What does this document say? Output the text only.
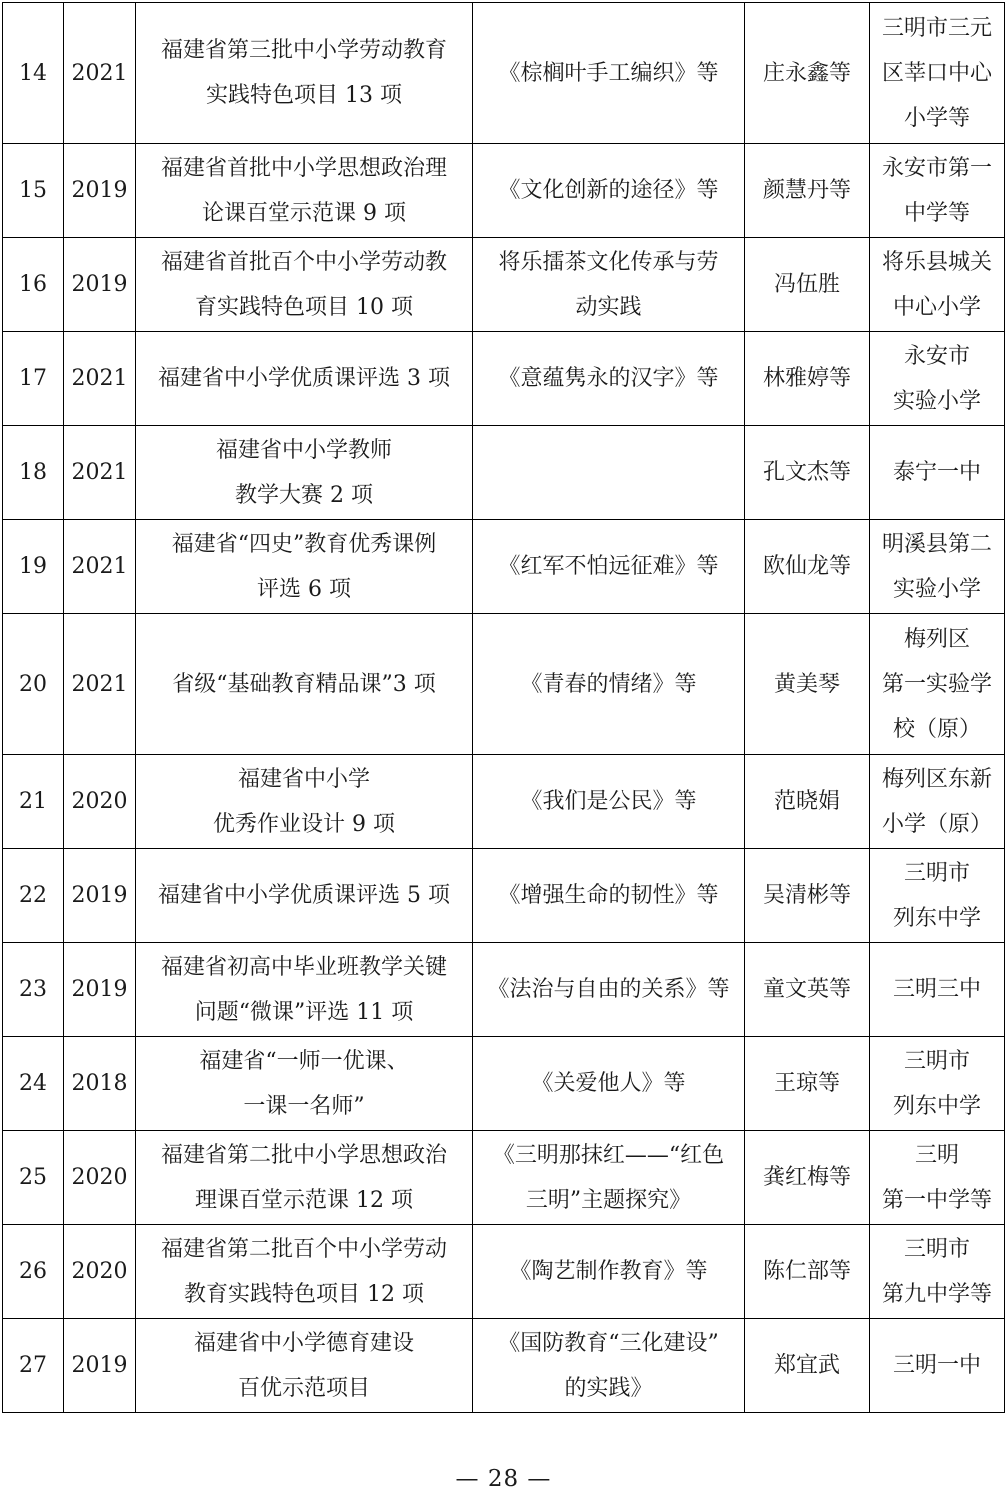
14	2021	福建省第三批中小学劳动教育
实践特色项目 13 项	《棕榈叶手工编织》等	庄永鑫等	三明市三元
区莘口中心
小学等

15	2019	福建省首批中小学思想政治理
论课百堂示范课 9 项	《文化创新的途径》等	颜慧丹等	永安市第一
中学等

16	2019	福建省首批百个中小学劳动教
育实践特色项目 10 项	将乐擂茶文化传承与劳
动实践	冯伍胜	将乐县城关
中心小学

17	2021	福建省中小学优质课评选 3 项	《意蕴隽永的汉字》等	林雅婷等	永安市
实验小学

18	2021	福建省中小学教师
教学大赛 2 项		孔文杰等	泰宁一中

19	2021	福建省“四史”教育优秀课例
评选 6 项	《红军不怕远征难》等	欧仙龙等	明溪县第二
实验小学

20	2021	省级“基础教育精品课”3 项	《青春的情绪》等	黄美琴	梅列区
第一实验学
校（原）

21	2020	福建省中小学
优秀作业设计 9 项	《我们是公民》等	范晓娟	梅列区东新
小学（原）

22	2019	福建省中小学优质课评选 5 项	《增强生命的韧性》等	吴清彬等	三明市
列东中学

23	2019	福建省初高中毕业班教学关键
问题“微课”评选 11 项	《法治与自由的关系》等	童文英等	三明三中

24	2018	福建省“一师一优课、
一课一名师”	《关爱他人》等	王琼等	三明市
列东中学

25	2020	福建省第二批中小学思想政治
理课百堂示范课 12 项	《三明那抹红——“红色
三明”主题探究》	龚红梅等	三明
第一中学等

26	2020	福建省第二批百个中小学劳动
教育实践特色项目 12 项	《陶艺制作教育》等	陈仁部等	三明市
第九中学等

27	2019	福建省中小学德育建设
百优示范项目	《国防教育“三化建设”
的实践》	郑宜武	三明一中
— 28 —
